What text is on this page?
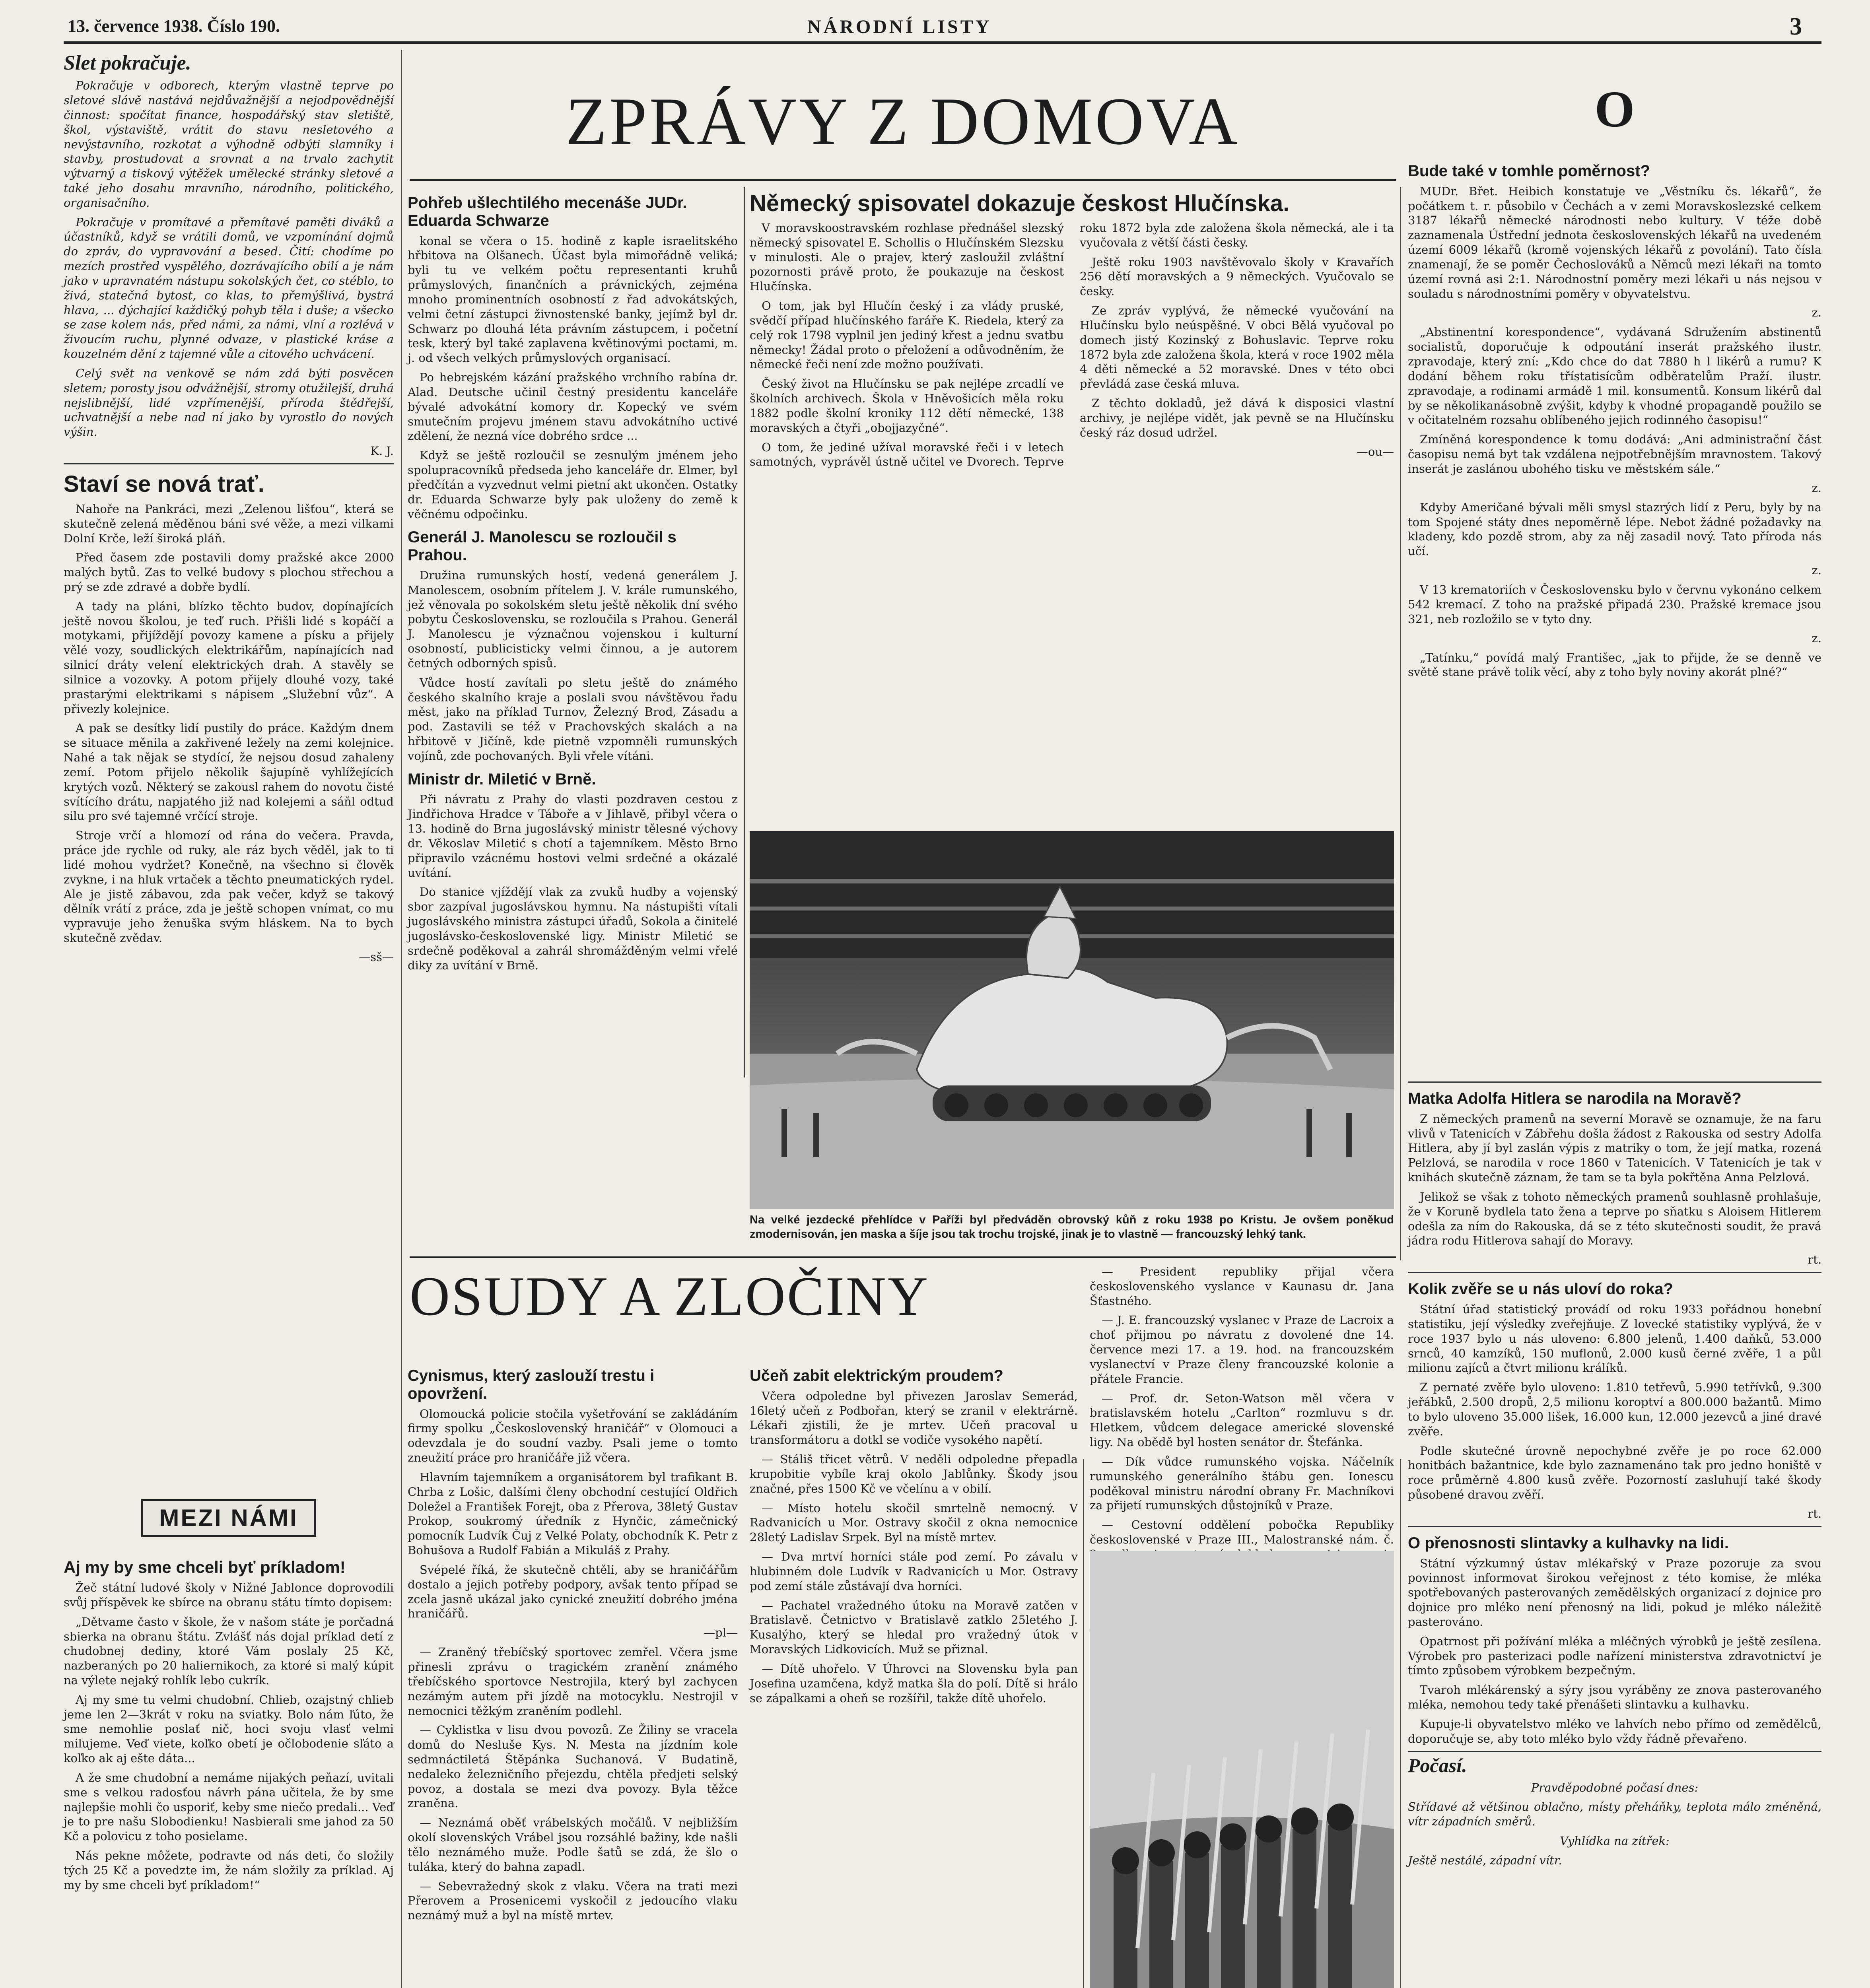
13. července 1938. Číslo 190.	NÁRODNÍ LISTY	3
Slet pokračuje.
Pokračuje v odborech, kterým vlastně teprve po sletové slávě nastává nejdůvažnější a nejodpovědnější činnost: spočítat finance, hospodářský stav sletiště, škol, výstaviště, vrátit do stavu nesletového a nevýstavního, rozkotat a výhodně odbýti slamníky i stavby, prostudovat a srovnat a na trvalo zachytit výtvarný a tiskový výtěžek umělecké stránky sletové a také jeho dosahu mravního, národního, politického, organisačního.
Pokračuje v promítavé a přemítavé paměti diváků a účastníků, když se vrátili domů, ve vzpomínání dojmů do zpráv, do vypravování a besed. Čití: chodíme po mezích prostřed vyspělého, dozrávajícího obilí a je nám jako v upravnatém nástupu sokolských čet, co stéblo, to živá, statečná bytost, co klas, to přemýšlivá, bystrá hlava, ... dýchající každičký pohyb těla i duše; a všecko se zase kolem nás, před námi, za námi, vlní a rozlévá v živoucím ruchu, plynné odvaze, v plastické kráse a kouzelném dění z tajemné vůle a citového uchvácení.
Celý svět na venkově se nám zdá býti posvěcen sletem; porosty jsou odvážnější, stromy otužilejší, druhá nejslibnější, lidé vzpřímenější, příroda štědřejší, uchvatnější a nebe nad ní jako by vyrostlo do nových výšin.
K. J.
Staví se nová trať.
Nahoře na Pankráci, mezi „Zelenou lišťou“, která se skutečně zelená měděnou báni své věže, a mezi vilkami Dolní Krče, leží široká pláň.
Před časem zde postavili domy pražské akce 2000 malých bytů. Zas to velké budovy s plochou střechou a prý se zde zdravé a dobře bydlí.
A tady na pláni, blízko těchto budov, dopínajících ještě novou školou, je teď ruch. Přišli lidé s kopáčí a motykami, přijíždějí povozy kamene a písku a přijely vělé vozy, soudlických elektrikářům, napínajících nad silnicí dráty velení elektrických drah. A stavěly se silnice a vozovky. A potom přijely dlouhé vozy, také prastarými elektrikami s nápisem „Služební vůz“. A přivezly kolejnice.
A pak se desítky lidí pustily do práce. Každým dnem se situace měnila a zakřivené ležely na zemi kolejnice. Nahé a tak nějak se stydící, že nejsou dosud zahaleny zemí. Potom přijelo několik šajupíně vyhlížejících krytých vozů. Některý se zakousl rahem do novotu čisté svítícího drátu, napjatého již nad kolejemi a sáňl odtud silu pro své tajemné vrčící stroje.
Stroje vrčí a hlomozí od rána do večera. Pravda, práce jde rychle od ruky, ale ráz bych věděl, jak to ti lidé mohou vydržet? Konečně, na všechno si člověk zvykne, i na hluk vrtaček a těchto pneumatických rydel. Ale je jistě zábavou, zda pak večer, když se takový dělník vrátí z práce, zda je ještě schopen vnímat, co mu vypravuje jeho ženuška svým hláskem. Na to bych skutečně zvědav.
—sš—
MEZI NÁMI
Aj my by sme chceli byť príkladom!
Žeč státní ludové školy v Nižné Jablonce doprovodili svůj příspěvek ke sbírce na obranu státu tímto dopisem:
„Dětvame často v škole, že v našom státe je porčadná sbierka na obranu štátu. Zvlášť nás dojal príklad detí z chudobnej dediny, ktoré Vám poslaly 25 Kč, nazberaných po 20 haliernikoch, za ktoré si malý kúpit na výlete nejaký rohlík lebo cukrík.
Aj my sme tu velmi chudobní. Chlieb, ozajstný chlieb jeme len 2—3krát v roku na sviatky. Bolo nám ľúto, že sme nemohlie poslať nič, hoci svoju vlasť velmi milujeme. Veď viete, koľko obetí je očlobodenie sľáto a koľko ak aj ešte dáta...
A že sme chudobní a nemáme nijakých peňazí, uvitali sme s velkou radosťou návrh pána učitela, že by sme najlepšie mohli čo usporiť, keby sme niečo predali... Veď je to pre našu Slobodienku! Nasbierali sme jahod za 50 Kč a polovicu z toho posielame.
Nás pekne môžete, podravte od nás deti, čo složily tých 25 Kč a povedzte im, že nám složily za príklad. Aj my by sme chceli byť príkladom!“
ZPRÁVY Z DOMOVA
Pohřeb ušlechtilého mecenáše JUDr. Eduarda Schwarze
konal se včera o 15. hodině z kaple israelitského hřbitova na Olšanech. Účast byla mimořádně veliká; byli tu ve velkém počtu representanti kruhů průmyslových, finančních a právnických, zejména mnoho prominentních osobností z řad advokátských, velmi četní zástupci živnostenské banky, jejímž byl dr. Schwarz po dlouhá léta právním zástupcem, i početní tesk, který byl také zaplavena květinovými poctami, m. j. od všech velkých průmyslových organisací.
Po hebrejském kázání pražského vrchního rabína dr. Alad. Deutsche učinil čestný presidentu kanceláře bývalé advokátní komory dr. Kopecký ve svém smutečním projevu jménem stavu advokátního uctivé zdělení, že nezná více dobrého srdce ...
Když se ještě rozloučil se zesnulým jménem jeho spolupracovníků předseda jeho kanceláře dr. Elmer, byl předčítán a vyzvednut velmi pietní akt ukončen. Ostatky dr. Eduarda Schwarze byly pak uloženy do země k věčnému odpočinku.
Generál J. Manolescu se rozloučil s Prahou.
Družina rumunských hostí, vedená generálem J. Manolescem, osobním přítelem J. V. krále rumunského, jež věnovala po sokolském sletu ještě několik dní svého pobytu Československu, se rozloučila s Prahou. Generál J. Manolescu je význačnou vojenskou i kulturní osobností, publicisticky velmi činnou, a je autorem četných odborných spisů.
Vůdce hostí zavítali po sletu ještě do známého českého skalního kraje a poslali svou návštěvou řadu měst, jako na příklad Turnov, Železný Brod, Zásadu a pod. Zastavili se též v Prachovských skalách a na hřbitově v Jičíně, kde pietně vzpomněli rumunských vojínů, zde pochovaných. Byli vřele vítáni.
Ministr dr. Miletić v Brně.
Při návratu z Prahy do vlasti pozdraven cestou z Jindřichova Hradce v Táboře a v Jihlavě, přibyl včera o 13. hodině do Brna jugoslávský ministr tělesné výchovy dr. Věkoslav Miletić s chotí a tajemníkem. Město Brno připravilo vzácnému hostovi velmi srdečné a okázalé uvítání.
Do stanice vjíždějí vlak za zvuků hudby a vojenský sbor zazpíval jugoslávskou hymnu. Na nástupišti vítali jugoslávského ministra zástupci úřadů, Sokola a činitelé jugoslávsko-československé ligy. Ministr Miletić se srdečně poděkoval a zahrál shromážděným velmi vřelé diky za uvítání v Brně.
Německý spisovatel dokazuje českost Hlučínska.
V moravskoostravském rozhlase přednášel slezský německý spisovatel E. Schollis o Hlučínském Slezsku v minulosti. Ale o prajev, který zasloužil zvláštní pozornosti právě proto, že poukazuje na českost Hlučínska.
O tom, jak byl Hlučín český i za vlády pruské, svědčí případ hlučínského faráře K. Riedela, který za celý rok 1798 vyplnil jen jediný křest a jednu svatbu německy! Žádal proto o přeložení a odůvodněním, že německé řeči není zde možno používati.
Český život na Hlučínsku se pak nejlépe zrcadlí ve školních archivech. Škola v Hněvošicích měla roku 1882 podle školní kroniky 112 dětí německé, 138 moravských a čtyři „obojjazyčné“.
O tom, že jediné užíval moravské řeči i v letech samotných, vyprávěl ústně učitel ve Dvorech. Teprve roku 1872 byla zde založena škola německá, ale i ta vyučovala z větší části česky.
Ještě roku 1903 navštěvovalo školy v Kravařích 256 dětí moravských a 9 německých. Vyučovalo se česky.
Ze zpráv vyplývá, že německé vyučování na Hlučínsku bylo neúspěšné. V obci Bělá vyučoval po domech jistý Kozinský z Bohuslavic. Teprve roku 1872 byla zde založena škola, která v roce 1902 měla 4 děti německé a 52 moravské. Dnes v této obci převládá zase česká mluva.
Z těchto dokladů, jež dává k disposici vlastní archivy, je nejlépe vidět, jak pevně se na Hlučínsku český ráz dosud udržel.
—ou—
Na velké jezdecké přehlídce v Paříži byl předváděn obrovský kůň z roku 1938 po Kristu. Je ovšem poněkud zmodernisován, jen maska a šíje jsou tak trochu trojské, jinak je to vlastně — francouzský lehký tank.
OSUDY A ZLOČINY
Cynismus, který zaslouží trestu i opovržení.
Olomoucká policie stočila vyšetřování se zakládáním firmy spolku „Československý hraničář“ v Olomouci a odevzdala je do soudní vazby. Psali jeme o tomto zneužití práce pro hraničáře již včera.
Hlavním tajemníkem a organisátorem byl trafikant B. Chrba z Lošic, dalšími členy obchodní cestující Oldřich Doležel a František Forejt, oba z Přerova, 38letý Gustav Prokop, soukromý úředník z Hynčic, zámečnický pomocník Ludvík Čuj z Velké Polaty, obchodník K. Petr z Bohušova a Rudolf Fabián a Mikuláš z Prahy.
Svépelé říká, že skutečně chtěli, aby se hraničářům dostalo a jejich potřeby podpory, avšak tento případ se zcela jasně ukázal jako cynické zneužití dobrého jména hraničářů.
—pl—
— Zraněný třebíčský sportovec zemřel. Včera jsme přinesli zprávu o tragickém zranění známého třebíčského sportovce Nestrojila, který byl zachycen nezámým autem při jízdě na motocyklu. Nestrojil v nemocnici těžkým zraněním podlehl.
— Cyklistka v lisu dvou povozů. Ze Žiliny se vracela domů do Nesluše Kys. N. Mesta na jízdním kole sedmnáctiletá Štěpánka Suchanová. V Budatině, nedaleko železničního přejezdu, chtěla předjeti selský povoz, a dostala se mezi dva povozy. Byla těžce zraněna.
— Neznámá oběť vrábelských močálů. V nejbližším okolí slovenských Vrábel jsou rozsáhlé bažiny, kde našli tělo neznámého muže. Podle šatů se zdá, že šlo o tuláka, který do bahna zapadl.
— Sebevražedný skok z vlaku. Včera na trati mezi Přerovem a Prosenicemi vyskočil z jedoucího vlaku neznámý muž a byl na místě mrtev.
Učeň zabit elektrickým proudem?
Včera odpoledne byl přivezen Jaroslav Semerád, 16letý učeň z Podbořan, který se zranil v elektrárně. Lékaři zjistili, že je mrtev. Učeň pracoval u transformátoru a dotkl se vodiče vysokého napětí.
— Stáliš třicet větrů. V neděli odpoledne přepadla krupobitie vybíle kraj okolo Jablůnky. Škody jsou značné, přes 1500 Kč ve včelínu a v obilí.
— Místo hotelu skočil smrtelně nemocný. V Radvanicích u Mor. Ostravy skočil z okna nemocnice 28letý Ladislav Srpek. Byl na místě mrtev.
— Dva mrtví horníci stále pod zemí. Po závalu v hlubinném dole Ludvík v Radvanicích u Mor. Ostravy pod zemí stále zůstávají dva horníci.
— Pachatel vražedného útoku na Moravě zatčen v Bratislavě. Četnictvo v Bratislavě zatklo 25letého J. Kusalýho, který se hledal pro vražedný útok v Moravských Lidkovicích. Muž se přiznal.
— Dítě uhořelo. V Úhrovci na Slovensku byla pan Josefina uzamčena, když matka šla do polí. Dítě si hrálo se zápalkami a oheň se rozšířil, takže dítě uhořelo.
— President republiky přijal včera československého vyslance v Kaunasu dr. Jana Šťastného.
— J. E. francouzský vyslanec v Praze de Lacroix a choť přijmou po návratu z dovolené dne 14. července mezi 17. a 19. hod. na francouzském vyslanectví v Praze členy francouzské kolonie a přátele Francie.
— Prof. dr. Seton-Watson měl včera v bratislavském hotelu „Carlton“ rozmluvu s dr. Hletkem, vůdcem delegace americké slovenské ligy. Na obědě byl hosten senátor dr. Štefánka.
— Dík vůdce rumunského vojska. Náčelník rumunského generálního štábu gen. Ionescu poděkoval ministru národní obrany Fr. Machníkovi za přijetí rumunských důstojníků v Praze.
— Cestovní oddělení pobočka Republiky československé v Praze III., Malostranské nám. č.
O
Bude také v tomhle poměrnost?
MUDr. Břet. Heibich konstatuje ve „Věstníku čs. lékařů“, že počátkem t. r. působilo v Čechách a v zemi Moravskoslezské celkem 3187 lékařů německé národnosti nebo kultury. V téže době zaznamenala Ústřední jednota československých lékařů na uvedeném území 6009 lékařů (kromě vojenských lékařů z povolání). Tato čísla znamenají, že se poměr Čechoslováků a Němců mezi lékaři na tomto území rovná asi 2:1. Národnostní poměry mezi lékaři u nás nejsou v souladu s národnostními poměry v obyvatelstvu.
z.
„Abstinentní korespondence“, vydávaná Sdružením abstinentů socialistů, doporučuje k odpoutání inserát pražského ilustr. zpravodaje, který zní: „Kdo chce do dat 7880 h l likérů a rumu? K dodání během roku třístatisícům odběratelům Praží. ilustr. zpravodaje, a rodinami armádě 1 mil. konsumentů. Konsum likérů dal by se několikanásobně zvýšit, kdyby k vhodné propagandě použilo se v očitatelném rozsahu oblíbeného jejich rodinného časopisu!“
Zmíněná korespondence k tomu dodává: „Ani administrační část časopisu nemá byt tak vzdálena nejpotřebnějším mravnostem. Takový inserát je zaslánou ubohého tisku ve městském sále.“
z.
Kdyby Američané bývali měli smysl stazrých lidí z Peru, byly by na tom Spojené státy dnes nepoměrně lépe. Nebot žádné požadavky na kladeny, kdo pozdě strom, aby za něj zasadil nový. Tato příroda nás učí.
z.
V 13 krematoriích v Československu bylo v červnu vykonáno celkem 542 kremací. Z toho na pražské připadá 230. Pražské kremace jsou 321, neb rozložilo se v tyto dny.
z.
„Tatínku,“ povídá malý Františec, „jak to přijde, že se denně ve světě stane právě tolik věcí, aby z toho byly noviny akorát plné?“
Matka Adolfa Hitlera se narodila na Moravě?
Z německých pramenů na severní Moravě se oznamuje, že na faru vlivů v Tatenicích v Zábřehu došla žádost z Rakouska od sestry Adolfa Hitlera, aby jí byl zaslán výpis z matriky o tom, že její matka, rozená Pelzlová, se narodila v roce 1860 v Tatenicích. V Tatenicích je tak v knihách skutečně záznam, že tam se ta byla pokřtěna Anna Pelzlová.
Jelikož se však z tohoto německých pramenů souhlasně prohlašuje, že v Koruně bydlela tato žena a teprve po sňatku s Aloisem Hitlerem odešla za ním do Rakouska, dá se z této skutečnosti soudit, že pravá jádra rodu Hitlerova sahají do Moravy.
rt.
Kolik zvěře se u nás uloví do roka?
Státní úřad statistický provádí od roku 1933 pořádnou honební statistiku, její výsledky zveřejňuje. Z lovecké statistiky vyplývá, že v roce 1937 bylo u nás uloveno: 6.800 jelenů, 1.400 daňků, 53.000 srnců, 40 kamzíků, 150 muflonů, 2.000 kusů černé zvěře, 1 a půl milionu zajíců a čtvrt milionu králíků.
Z pernaté zvěře bylo uloveno: 1.810 tetřevů, 5.990 tetřívků, 9.300 jeřábků, 2.500 dropů, 2,5 milionu koroptví a 800.000 bažantů. Mimo to bylo uloveno 35.000 lišek, 16.000 kun, 12.000 jezevců a jiné dravé zvěře.
Podle skutečné úrovně nepochybné zvěře je po roce 62.000 honitbách bažantnice, kde bylo zaznamenáno tak pro jedno honiště v roce průměrně 4.800 kusů zvěře. Pozorností zasluhují také škody působené dravou zvěří.
rt.
O přenosnosti slintavky a kulhavky na lidi.
Státní výzkumný ústav mlékařský v Praze pozoruje za svou povinnost informovat širokou veřejnost z této komise, že mléka spotřebovaných pasterovaných zemědělských organizací z dojnice pro dojnice pro mléko není přenosný na lidi, pokud je mléko náležitě pasterováno.
Opatrnost při požívání mléka a mléčných výrobků je ještě zesílena. Výrobek pro pasterizaci podle nařízení ministerstva zdravotnictví je tímto způsobem výrobkem bezpečným.
Tvaroh mlékárenský a sýry jsou vyráběny ze znova pasterovaného mléka, nemohou tedy také přenášeti slintavku a kulhavku.
Kupuje-li obyvatelstvo mléko ve lahvích nebo přímo od zemědělců, doporučuje se, aby toto mléko bylo vždy řádně převařeno.
Počasí.
Pravděpodobné počasí dnes:
Střídavé až většinou oblačno, místy přeháňky, teplota málo změněná, vítr západních směrů.
Vyhlídka na zítřek:
Ještě nestálé, západní vítr.
